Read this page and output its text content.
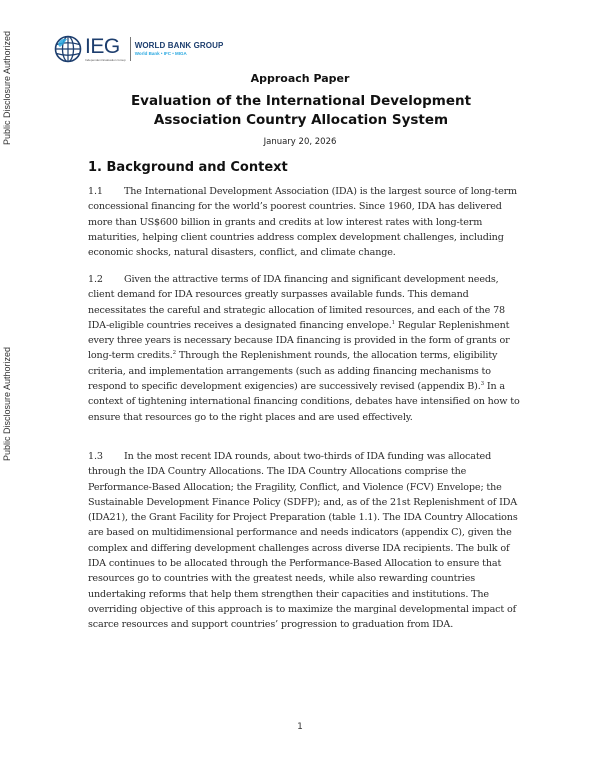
Public Disclosure Authorized
Public Disclosure Authorized
IEG
Independent Evaluation Group
WORLD BANK GROUP
World Bank • IFC • MIGA
Approach Paper
Evaluation of the International Development Association Country Allocation System
January 20, 2026
1. Background and Context
1.1 The International Development Association (IDA) is the largest source of long-term concessional financing for the world’s poorest countries. Since 1960, IDA has delivered more than US$600 billion in grants and credits at low interest rates with long-term maturities, helping client countries address complex development challenges, including economic shocks, natural disasters, conflict, and climate change.
1.2 Given the attractive terms of IDA financing and significant development needs, client demand for IDA resources greatly surpasses available funds. This demand necessitates the careful and strategic allocation of limited resources, and each of the 78 IDA-eligible countries receives a designated financing envelope.$^1$ Regular Replenishment every three years is necessary because IDA financing is provided in the form of grants or long-term credits.$^2$ Through the Replenishment rounds, the allocation terms, eligibility criteria, and implementation arrangements (such as adding financing mechanisms to respond to specific development exigencies) are successively revised (appendix B).$^3$ In a context of tightening international financing conditions, debates have intensified on how to ensure that resources go to the right places and are used effectively.
1.3 In the most recent IDA rounds, about two-thirds of IDA funding was allocated through the IDA Country Allocations. The IDA Country Allocations comprise the Performance-Based Allocation; the Fragility, Conflict, and Violence (FCV) Envelope; the Sustainable Development Finance Policy (SDFP); and, as of the 21st Replenishment of IDA (IDA21), the Grant Facility for Project Preparation (table 1.1). The IDA Country Allocations are based on multidimensional performance and needs indicators (appendix C), given the complex and differing development challenges across diverse IDA recipients. The bulk of IDA continues to be allocated through the Performance-Based Allocation to ensure that resources go to countries with the greatest needs, while also rewarding countries undertaking reforms that help them strengthen their capacities and institutions. The overriding objective of this approach is to maximize the marginal developmental impact of scarce resources and support countries’ progression to graduation from IDA.
1
